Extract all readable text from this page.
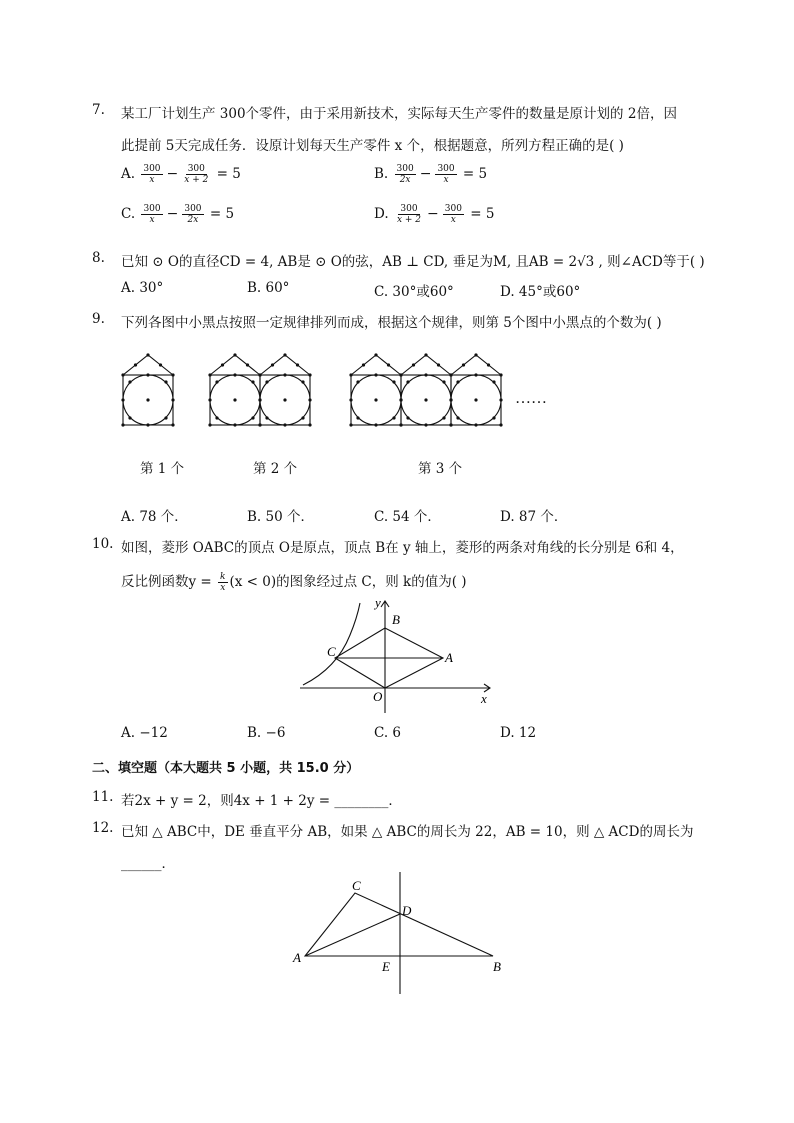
7.	某工厂计划生产 300个零件，由于采用新技术，实际每天生产零件的数量是原计划的 2倍，因
此提前 5天完成任务．设原计划每天生产零件 x 个，根据题意，所列方程正确的是( )
A. $\frac{300}{x} - \frac{300}{x + 2} = 5$	B. $\frac{300}{2x} - \frac{300}{x} = 5$
C. $\frac{300}{x} - \frac{300}{2x} = 5$	D. $\frac{300}{x + 2} - \frac{300}{x} = 5$
8.	已知 ⊙ O的直径CD = 4, AB是 ⊙ O的弦，AB ⊥ CD, 垂足为M, 且AB = 2√3 , 则∠ACD等于( )
A. 30°	B. 60°	C. 30°或60°	D. 45°或60°
9.	下列各图中小黑点按照一定规律排列而成，根据这个规律，则第 5个图中小黑点的个数为( )
……
第 1 个	第 2 个	第 3 个
A. 78 个．	B. 50 个．	C. 54 个．	D. 87 个．
10. 如图，菱形 OABC的顶点 O是原点，顶点 B在 y 轴上，菱形的两条对角线的长分别是 6和 4，
反比例函数$y = \frac{k}{x} (x < 0)$的图象经过点 C，则 k的值为( )
B
C	A
O	x
y
A. −12	B. −6	C. 6	D. 12
二、填空题（本大题共 5 小题，共 15.0 分）
11. 若2x + y = 2，则4x + 1 + 2y = ________．
12. 已知 △ ABC中，DE 垂直平分 AB，如果 △ ABC的周长为 22，AB = 10，则 △ ACD的周长为
______．
A
B
C
D
E
